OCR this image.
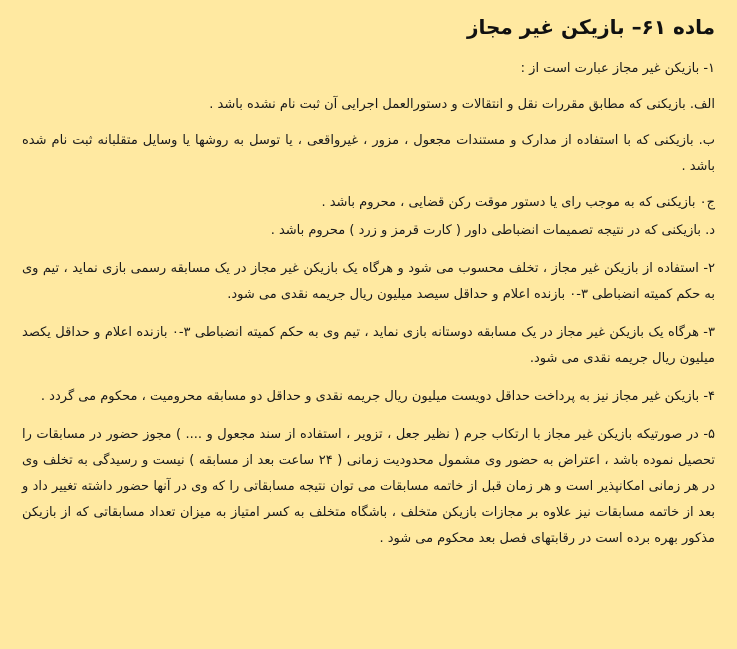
ماده ۶۱– بازیکن غیر مجاز

۱- بازیکن غیر مجاز عبارت است از :

الف. بازیکنی که مطابق مقررات نقل و انتقالات و دستورالعمل اجرایی آن ثبت نام نشده باشد .

ب. بازیکنی که با استفاده از مدارک و مستندات مجعول ، مزور ، غیرواقعی ، یا توسل به روشها یا وسایل متقلبانه ثبت نام شده باشد .

ج٠ بازیکنی که به موجب رای یا دستور موقت رکن قضایی ، محروم باشد .

د. بازیکنی که در نتیجه تصمیمات انضباطی داور ( کارت قرمز و زرد ) محروم باشد .

۲- استفاده از بازیکن غیر مجاز ، تخلف محسوب می شود و هرگاه یک بازیکن غیر مجاز در یک مسابقه رسمی بازی نماید ، تیم وی به حکم کمیته انضباطی ۳-۰ بازنده اعلام و حداقل سیصد میلیون ریال جریمه نقدی می شود.

۳- هرگاه یک بازیکن غیر مجاز در یک مسابقه دوستانه بازی نماید ، تیم وی به حکم کمیته انضباطی ۳-۰ بازنده اعلام و حداقل یکصد میلیون ریال جریمه نقدی می شود.

۴- بازیکن غیر مجاز نیز به پرداخت حداقل دویست میلیون ریال جریمه نقدی و حداقل دو مسابقه محرومیت ، محکوم می گردد .

۵- در صورتیکه بازیکن غیر مجاز با ارتکاب جرم ( نظیر جعل ، تزویر ، استفاده از سند مجعول و .... ) مجوز حضور در مسابقات را تحصیل نموده باشد ، اعتراض به حضور وی مشمول محدودیت زمانی ( ۲۴ ساعت بعد از مسابقه ) نیست و رسیدگی به تخلف وی در هر زمانی امکانپذیر است و هر زمان قبل از خاتمه مسابقات می توان نتیجه مسابقاتی را که وی در آنها حضور داشته تغییر داد و بعد از خاتمه مسابقات نیز علاوه بر مجازات بازیکن متخلف ، باشگاه متخلف به کسر امتیاز به میزان تعداد مسابقاتی که از بازیکن مذکور بهره برده است در رقابتهای فصل بعد محکوم می شود .
